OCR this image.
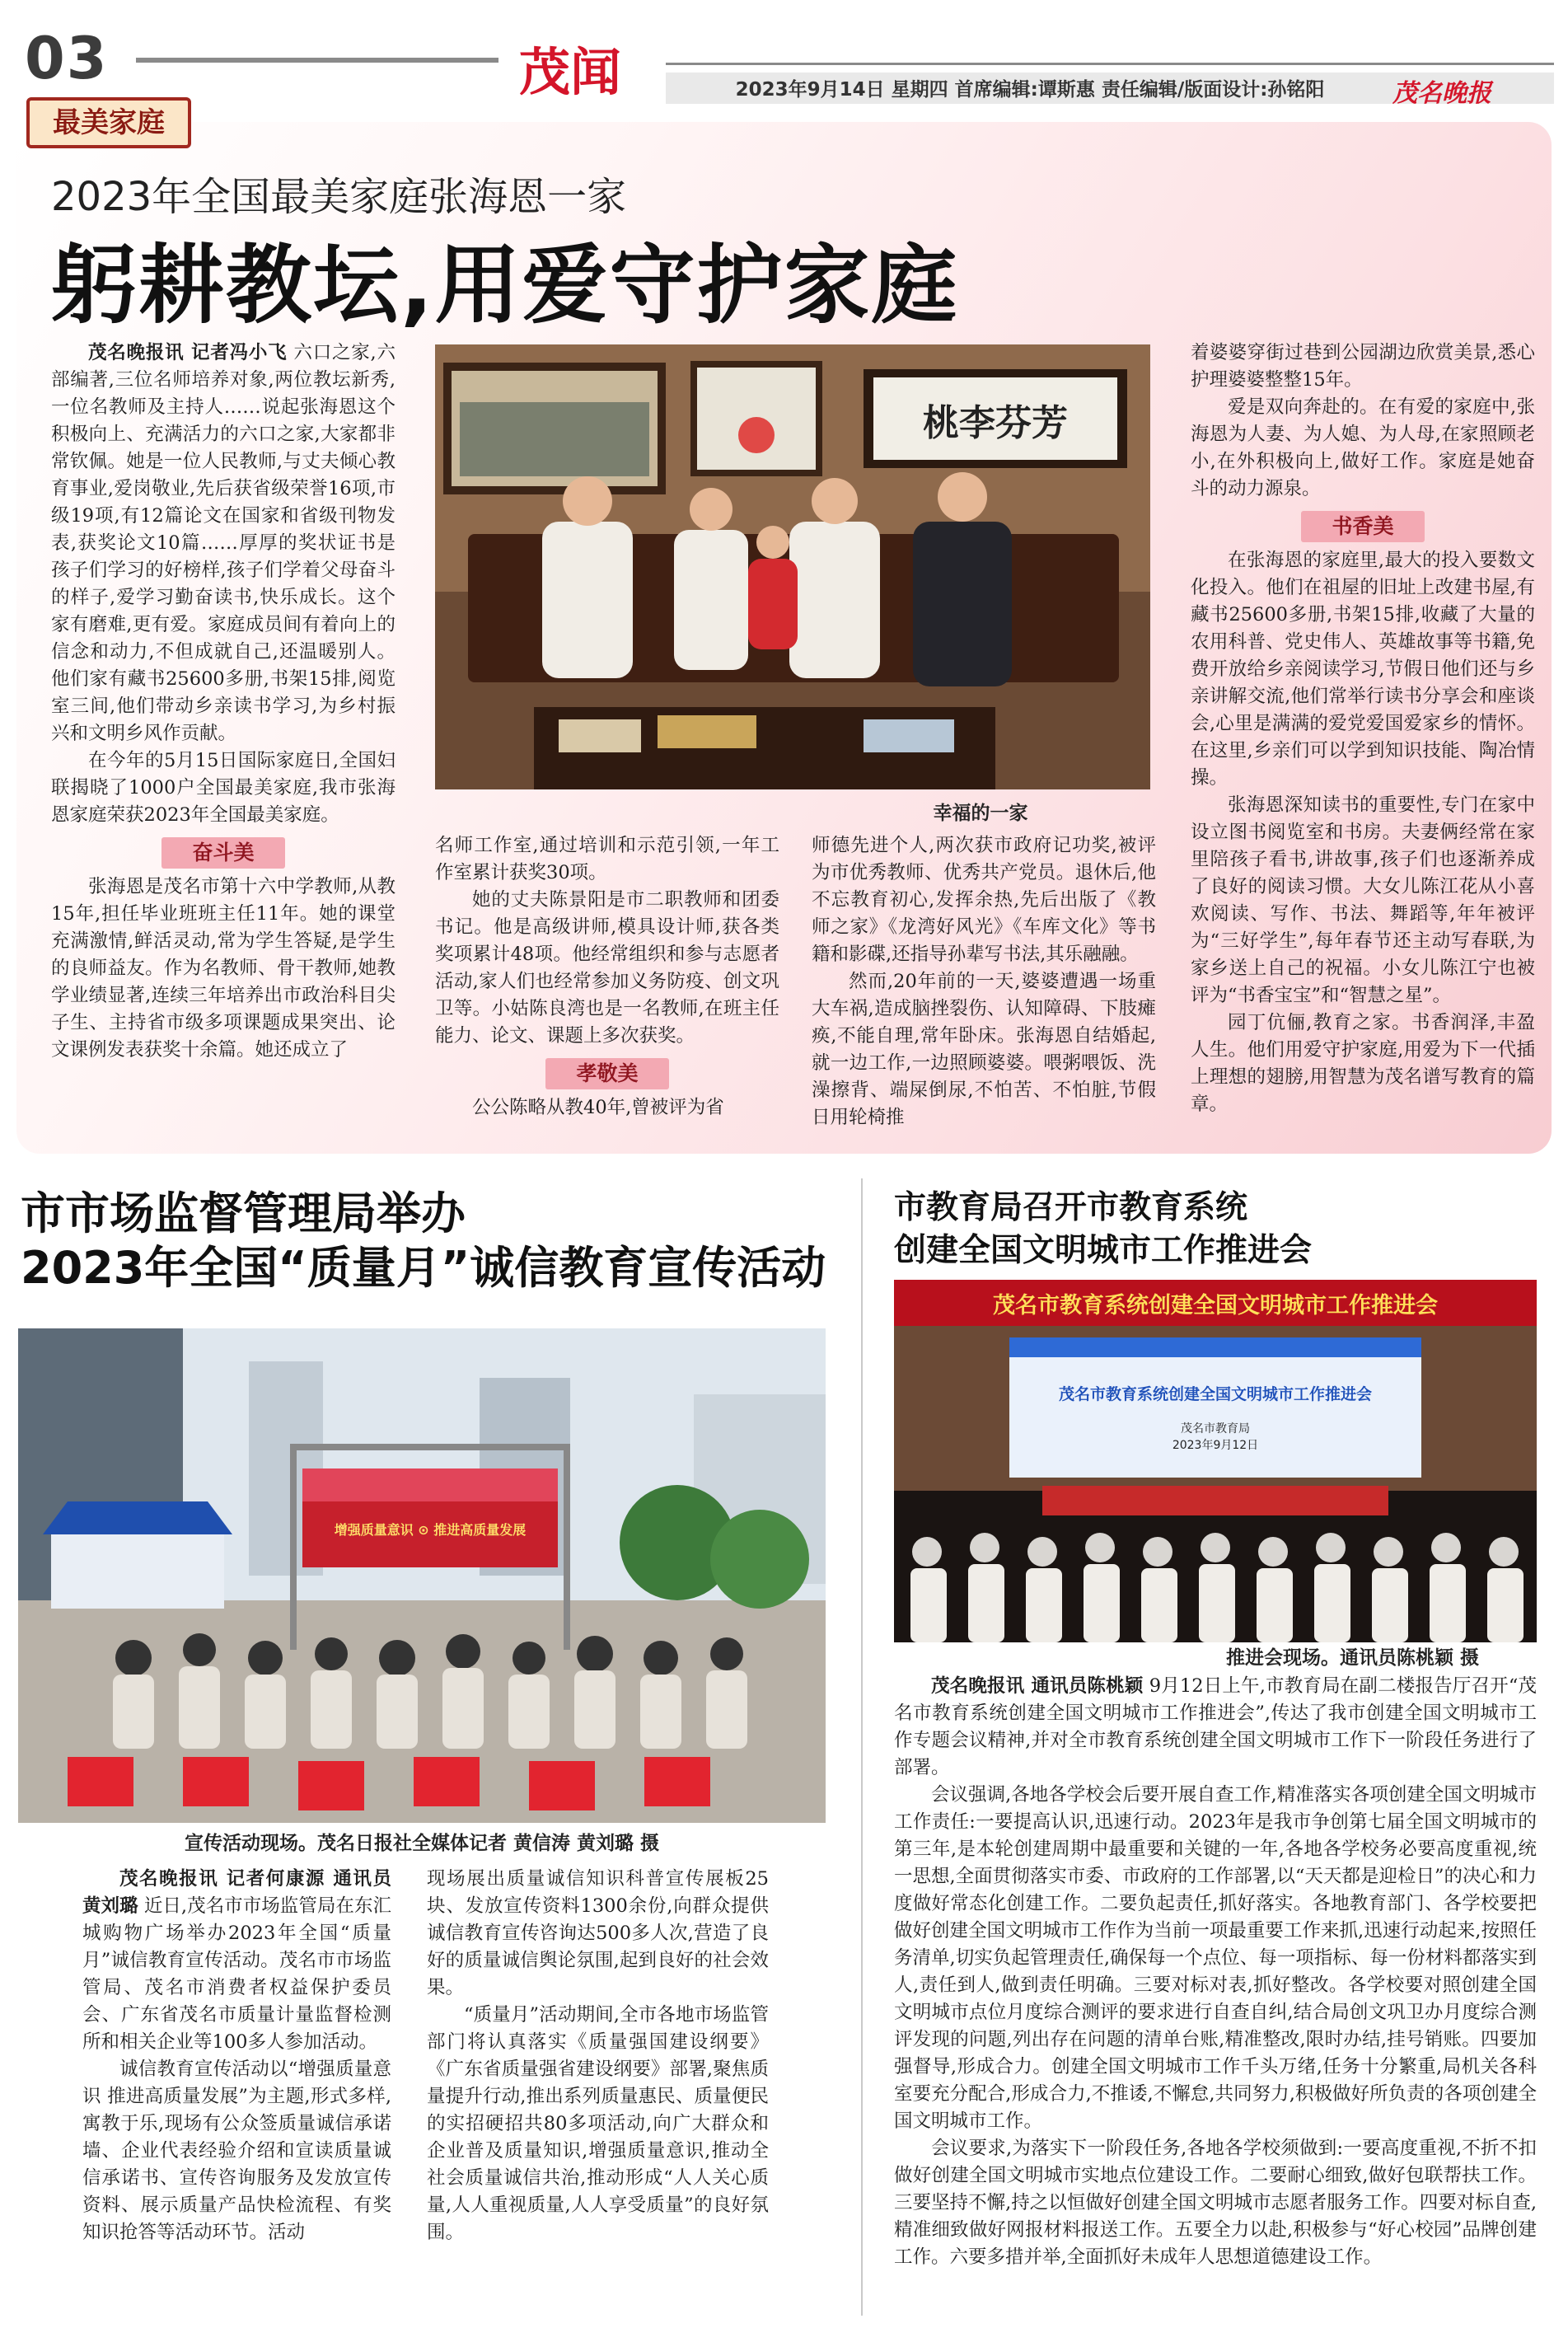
03	茂闻	2023年9月14日 星期四 首席编辑:谭斯惠 责任编辑/版面设计:孙铭阳	茂名晚报
最美家庭
2023年全国最美家庭张海恩一家
躬耕教坛,用爱守护家庭

茂名晚报讯 记者冯小飞 六口之家,六部编著,三位名师培养对象,两位教坛新秀,一位名教师及主持人……说起张海恩这个积极向上、充满活力的六口之家,大家都非常钦佩。她是一位人民教师,与丈夫倾心教育事业,爱岗敬业,先后获省级荣誉16项,市级19项,有12篇论文在国家和省级刊物发表,获奖论文10篇……厚厚的奖状证书是孩子们学习的好榜样,孩子们学着父母奋斗的样子,爱学习勤奋读书,快乐成长。这个家有磨难,更有爱。家庭成员间有着向上的信念和动力,不但成就自己,还温暖别人。他们家有藏书25600多册,书架15排,阅览室三间,他们带动乡亲读书学习,为乡村振兴和文明乡风作贡献。

在今年的5月15日国际家庭日,全国妇联揭晓了1000户全国最美家庭,我市张海恩家庭荣获2023年全国最美家庭。

奋斗美

张海恩是茂名市第十六中学教师,从教15年,担任毕业班班主任11年。她的课堂充满激情,鲜活灵动,常为学生答疑,是学生的良师益友。作为名教师、骨干教师,她教学业绩显著,连续三年培养出市政治科目尖子生、主持省市级多项课题成果突出、论文课例发表获奖十余篇。她还成立了

名师工作室,通过培训和示范引领,一年工作室累计获奖30项。

她的丈夫陈景阳是市二职教师和团委书记。他是高级讲师,模具设计师,获各类奖项累计48项。他经常组织和参与志愿者活动,家人们也经常参加义务防疫、创文巩卫等。小姑陈良湾也是一名教师,在班主任能力、论文、课题上多次获奖。

孝敬美

公公陈略从教40年,曾被评为省

师德先进个人,两次获市政府记功奖,被评为市优秀教师、优秀共产党员。退休后,他不忘教育初心,发挥余热,先后出版了《教师之家》《龙湾好风光》《车库文化》等书籍和影碟,还指导孙辈写书法,其乐融融。

然而,20年前的一天,婆婆遭遇一场重大车祸,造成脑挫裂伤、认知障碍、下肢瘫痪,不能自理,常年卧床。张海恩自结婚起,就一边工作,一边照顾婆婆。喂粥喂饭、洗澡擦背、端屎倒尿,不怕苦、不怕脏,节假日用轮椅推

着婆婆穿街过巷到公园湖边欣赏美景,悉心护理婆婆整整15年。

爱是双向奔赴的。在有爱的家庭中,张海恩为人妻、为人媳、为人母,在家照顾老小,在外积极向上,做好工作。家庭是她奋斗的动力源泉。

书香美

在张海恩的家庭里,最大的投入要数文化投入。他们在祖屋的旧址上改建书屋,有藏书25600多册,书架15排,收藏了大量的农用科普、党史伟人、英雄故事等书籍,免费开放给乡亲阅读学习,节假日他们还与乡亲讲解交流,他们常举行读书分享会和座谈会,心里是满满的爱党爱国爱家乡的情怀。在这里,乡亲们可以学到知识技能、陶冶情操。

张海恩深知读书的重要性,专门在家中设立图书阅览室和书房。夫妻俩经常在家里陪孩子看书,讲故事,孩子们也逐渐养成了良好的阅读习惯。大女儿陈江花从小喜欢阅读、写作、书法、舞蹈等,年年被评为“三好学生”,每年春节还主动写春联,为家乡送上自己的祝福。小女儿陈江宁也被评为“书香宝宝”和“智慧之星”。

园丁伉俪,教育之家。书香润泽,丰盈人生。他们用爱守护家庭,用爱为下一代插上理想的翅膀,用智慧为茂名谱写教育的篇章。

桃李芬芳
幸福的一家
市市场监督管理局举办
2023年全国“质量月”诚信教育宣传活动
增强质量意识 ⊙ 推进高质量发展
宣传活动现场。茂名日报社全媒体记者 黄信涛 黄刘璐 摄

茂名晚报讯 记者何康源 通讯员黄刘璐 近日,茂名市市场监管局在东汇城购物广场举办2023年全国“质量月”诚信教育宣传活动。茂名市市场监管局、茂名市消费者权益保护委员会、广东省茂名市质量计量监督检测所和相关企业等100多人参加活动。

诚信教育宣传活动以“增强质量意识 推进高质量发展”为主题,形式多样,寓教于乐,现场有公众签质量诚信承诺墙、企业代表经验介绍和宣读质量诚信承诺书、宣传咨询服务及发放宣传资料、展示质量产品快检流程、有奖知识抢答等活动环节。活动

现场展出质量诚信知识科普宣传展板25块、发放宣传资料1300余份,向群众提供诚信教育宣传咨询达500多人次,营造了良好的质量诚信舆论氛围,起到良好的社会效果。

“质量月”活动期间,全市各地市场监管部门将认真落实《质量强国建设纲要》《广东省质量强省建设纲要》部署,聚焦质量提升行动,推出系列质量惠民、质量便民的实招硬招共80多项活动,向广大群众和企业普及质量知识,增强质量意识,推动全社会质量诚信共治,推动形成“人人关心质量,人人重视质量,人人享受质量”的良好氛围。

市教育局召开市教育系统
创建全国文明城市工作推进会
茂名市教育系统创建全国文明城市工作推进会
茂名市教育系统创建全国文明城市工作推进会
茂名市教育局
2023年9月12日
推进会现场。通讯员陈桃颖 摄

茂名晚报讯 通讯员陈桃颖 9月12日上午,市教育局在副二楼报告厅召开“茂名市教育系统创建全国文明城市工作推进会”,传达了我市创建全国文明城市工作专题会议精神,并对全市教育系统创建全国文明城市工作下一阶段任务进行了部署。

会议强调,各地各学校会后要开展自查工作,精准落实各项创建全国文明城市工作责任:一要提高认识,迅速行动。2023年是我市争创第七届全国文明城市的第三年,是本轮创建周期中最重要和关键的一年,各地各学校务必要高度重视,统一思想,全面贯彻落实市委、市政府的工作部署,以“天天都是迎检日”的决心和力度做好常态化创建工作。二要负起责任,抓好落实。各地教育部门、各学校要把做好创建全国文明城市工作作为当前一项最重要工作来抓,迅速行动起来,按照任务清单,切实负起管理责任,确保每一个点位、每一项指标、每一份材料都落实到人,责任到人,做到责任明确。三要对标对表,抓好整改。各学校要对照创建全国文明城市点位月度综合测评的要求进行自查自纠,结合局创文巩卫办月度综合测评发现的问题,列出存在问题的清单台账,精准整改,限时办结,挂号销账。四要加强督导,形成合力。创建全国文明城市工作千头万绪,任务十分繁重,局机关各科室要充分配合,形成合力,不推诿,不懈怠,共同努力,积极做好所负责的各项创建全国文明城市工作。

会议要求,为落实下一阶段任务,各地各学校须做到:一要高度重视,不折不扣做好创建全国文明城市实地点位建设工作。二要耐心细致,做好包联帮扶工作。三要坚持不懈,持之以恒做好创建全国文明城市志愿者服务工作。四要对标自查,精准细致做好网报材料报送工作。五要全力以赴,积极参与“好心校园”品牌创建工作。六要多措并举,全面抓好未成年人思想道德建设工作。
